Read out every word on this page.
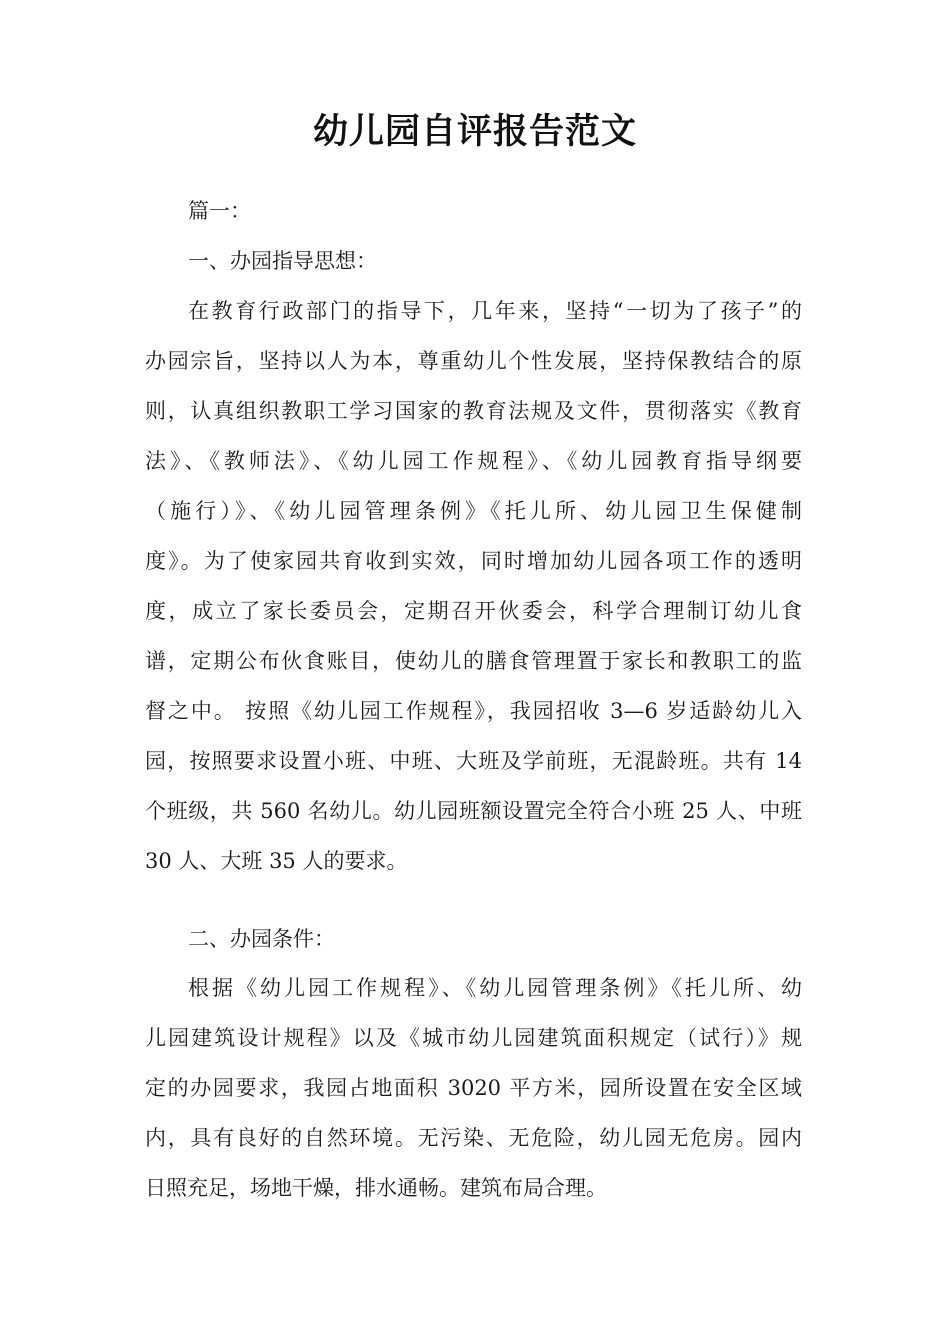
幼儿园自评报告范文
篇一：
一、办园指导思想：
在教育行政部门的指导下，几年来，坚持“一切为了孩子”的
办园宗旨，坚持以人为本，尊重幼儿个性发展，坚持保教结合的原
则，认真组织教职工学习国家的教育法规及文件，贯彻落实《教育
法》、《教师法》、《幼儿园工作规程》、《幼儿园教育指导纲要
（施行）》、《幼儿园管理条例》《托儿所、幼儿园卫生保健制
度》。为了使家园共育收到实效，同时增加幼儿园各项工作的透明
度，成立了家长委员会，定期召开伙委会，科学合理制订幼儿食
谱，定期公布伙食账目，使幼儿的膳食管理置于家长和教职工的监
督之中。 按照《幼儿园工作规程》，我园招收 3—6 岁适龄幼儿入
园，按照要求设置小班、中班、大班及学前班，无混龄班。共有 14
个班级，共 560 名幼儿。幼儿园班额设置完全符合小班 25 人、中班
30 人、大班 35 人的要求。
二、办园条件：
根据《幼儿园工作规程》、《幼儿园管理条例》《托儿所、幼
儿园建筑设计规程》以及《城市幼儿园建筑面积规定（试行）》规
定的办园要求，我园占地面积 3020 平方米，园所设置在安全区域
内，具有良好的自然环境。无污染、无危险，幼儿园无危房。园内
日照充足，场地干燥，排水通畅。建筑布局合理。
